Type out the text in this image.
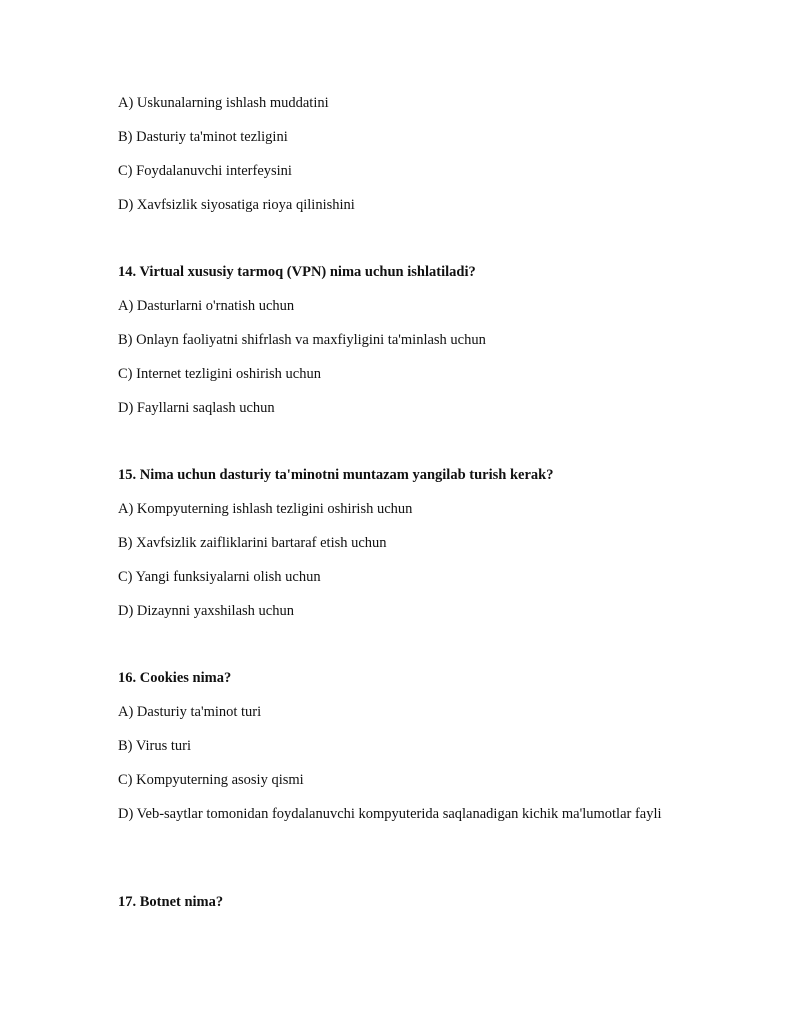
A) Uskunalarning ishlash muddatini
B) Dasturiy ta'minot tezligini
C) Foydalanuvchi interfeysini
D) Xavfsizlik siyosatiga rioya qilinishini
14. Virtual xususiy tarmoq (VPN) nima uchun ishlatiladi?
A) Dasturlarni o'rnatish uchun
B) Onlayn faoliyatni shifrlash va maxfiyligini ta'minlash uchun
C) Internet tezligini oshirish uchun
D) Fayllarni saqlash uchun
15. Nima uchun dasturiy ta'minotni muntazam yangilab turish kerak?
A) Kompyuterning ishlash tezligini oshirish uchun
B) Xavfsizlik zaifliklarini bartaraf etish uchun
C) Yangi funksiyalarni olish uchun
D) Dizaynni yaxshilash uchun
16. Cookies nima?
A) Dasturiy ta'minot turi
B) Virus turi
C) Kompyuterning asosiy qismi
D) Veb-saytlar tomonidan foydalanuvchi kompyuterida saqlanadigan kichik ma'lumotlar fayli
17. Botnet nima?
